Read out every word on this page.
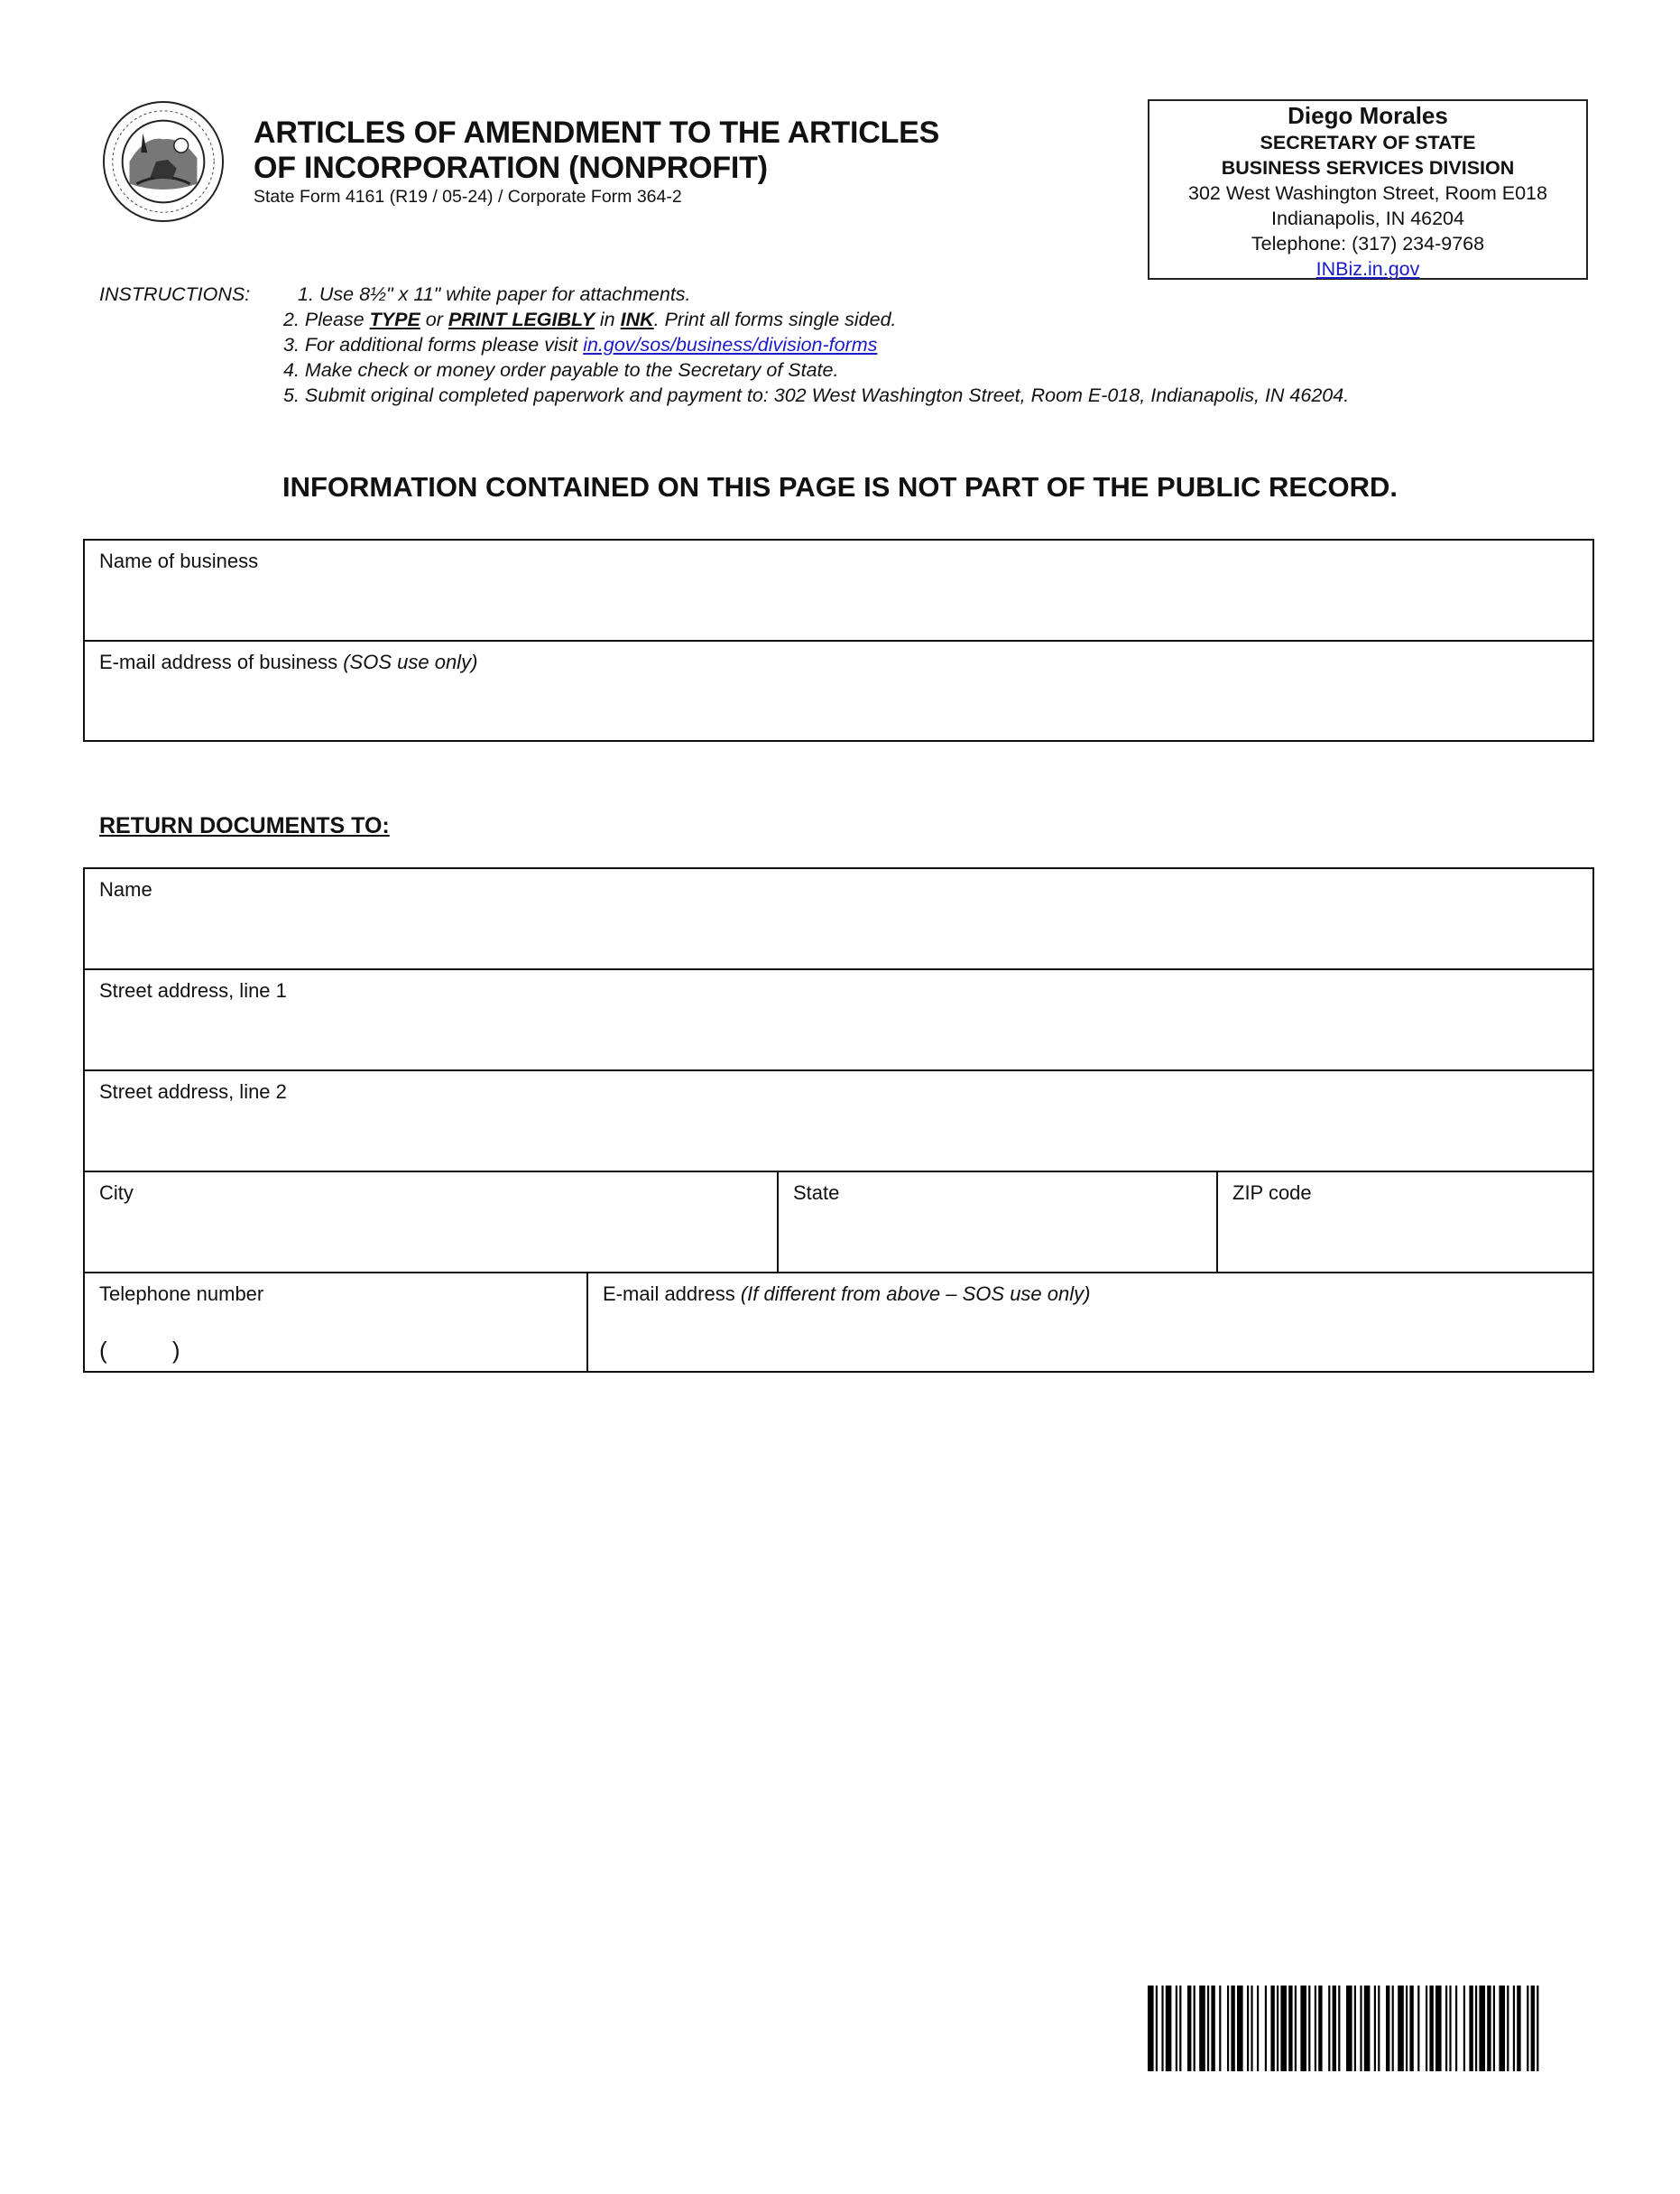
ARTICLES OF AMENDMENT TO THE ARTICLES
OF INCORPORATION (NONPROFIT)
State Form 4161 (R19 / 05-24) / Corporate Form 364-2
Diego Morales
SECRETARY OF STATE
BUSINESS SERVICES DIVISION
302 West Washington Street, Room E018
Indianapolis, IN 46204
Telephone: (317) 234-9768
INBiz.in.gov
INSTRUCTIONS: 1. Use 8½" x 11" white paper for attachments.
2. Please TYPE or PRINT LEGIBLY in INK. Print all forms single sided.
3. For additional forms please visit in.gov/sos/business/division-forms
4. Make check or money order payable to the Secretary of State.
5. Submit original completed paperwork and payment to: 302 West Washington Street, Room E-018, Indianapolis, IN 46204.
INFORMATION CONTAINED ON THIS PAGE IS NOT PART OF THE PUBLIC RECORD.
Name of business
E-mail address of business (SOS use only)
RETURN DOCUMENTS TO:
Name
Street address, line 1
Street address, line 2
City	State	ZIP code
Telephone number
(          )
E-mail address (If different from above – SOS use only)
